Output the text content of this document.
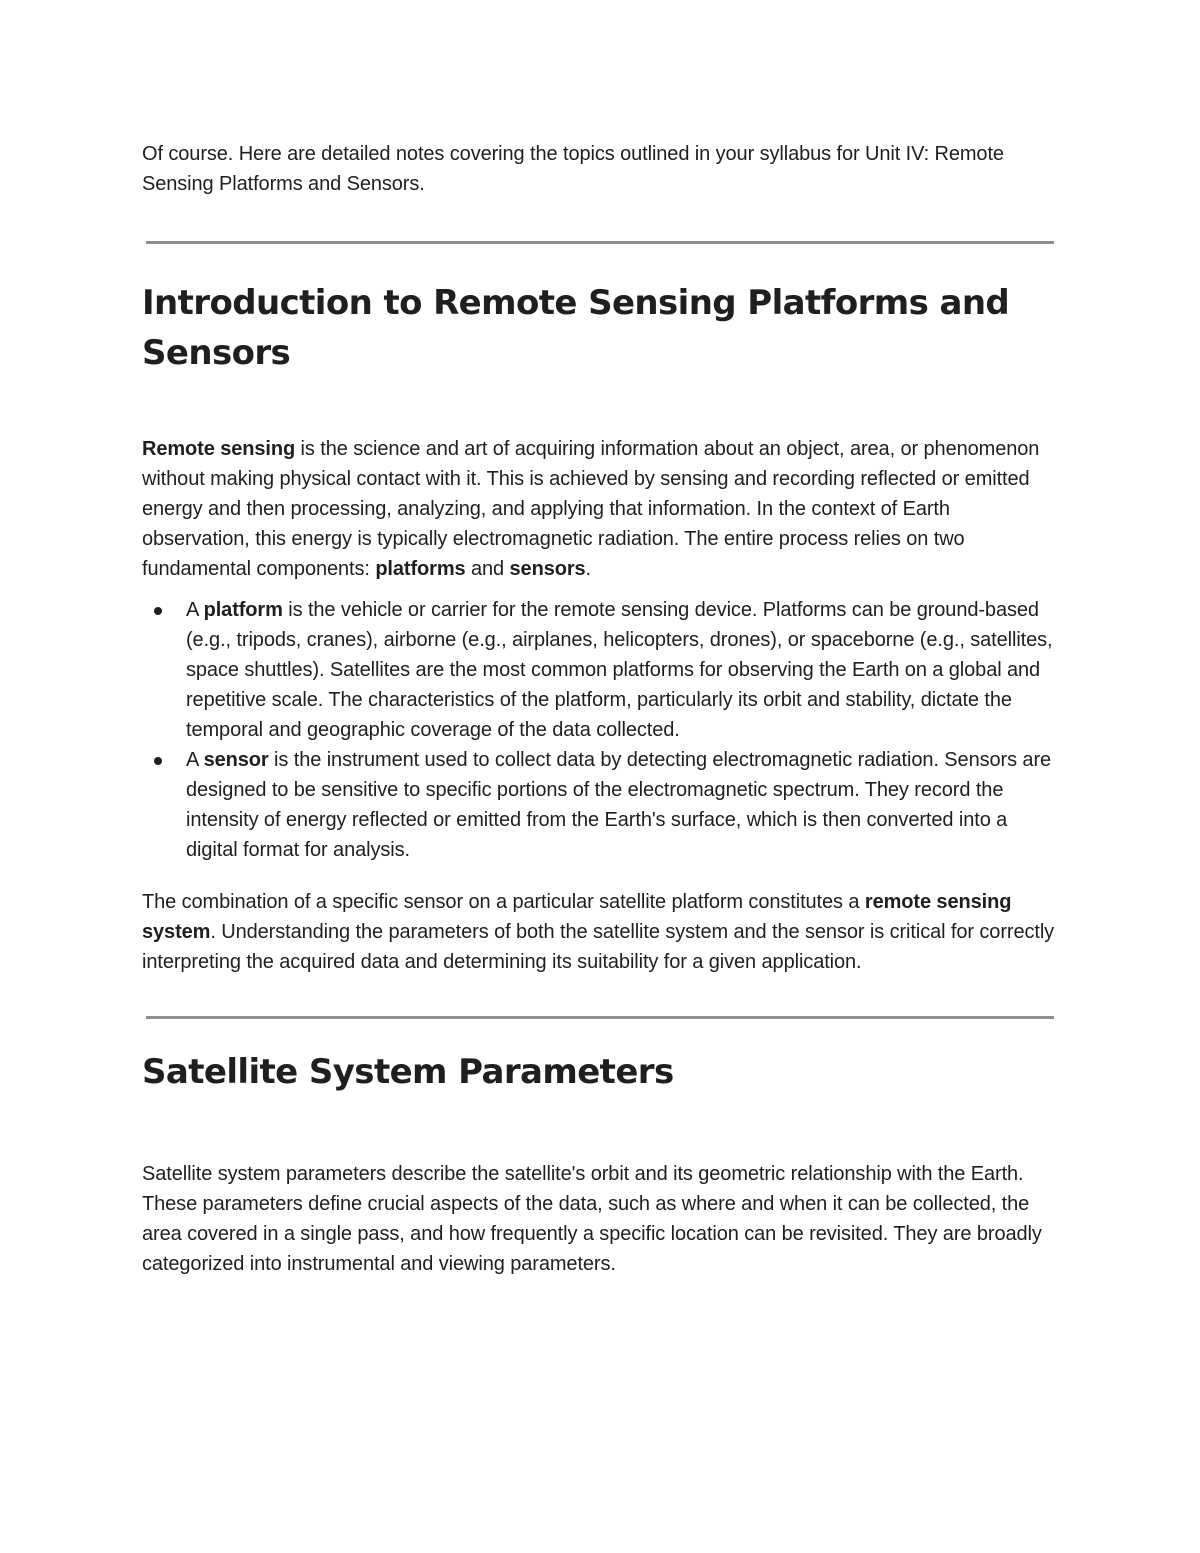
Of course. Here are detailed notes covering the topics outlined in your syllabus for Unit IV: Remote Sensing Platforms and Sensors.

Introduction to Remote Sensing Platforms and Sensors

Remote sensing is the science and art of acquiring information about an object, area, or phenomenon without making physical contact with it. This is achieved by sensing and recording reflected or emitted energy and then processing, analyzing, and applying that information. In the context of Earth observation, this energy is typically electromagnetic radiation. The entire process relies on two fundamental components: platforms and sensors.

A platform is the vehicle or carrier for the remote sensing device. Platforms can be ground-based (e.g., tripods, cranes), airborne (e.g., airplanes, helicopters, drones), or spaceborne (e.g., satellites, space shuttles). Satellites are the most common platforms for observing the Earth on a global and repetitive scale. The characteristics of the platform, particularly its orbit and stability, dictate the temporal and geographic coverage of the data collected.
A sensor is the instrument used to collect data by detecting electromagnetic radiation. Sensors are designed to be sensitive to specific portions of the electromagnetic spectrum. They record the intensity of energy reflected or emitted from the Earth's surface, which is then converted into a digital format for analysis.

The combination of a specific sensor on a particular satellite platform constitutes a remote sensing system. Understanding the parameters of both the satellite system and the sensor is critical for correctly interpreting the acquired data and determining its suitability for a given application.

Satellite System Parameters

Satellite system parameters describe the satellite's orbit and its geometric relationship with the Earth. These parameters define crucial aspects of the data, such as where and when it can be collected, the area covered in a single pass, and how frequently a specific location can be revisited. They are broadly categorized into instrumental and viewing parameters.
